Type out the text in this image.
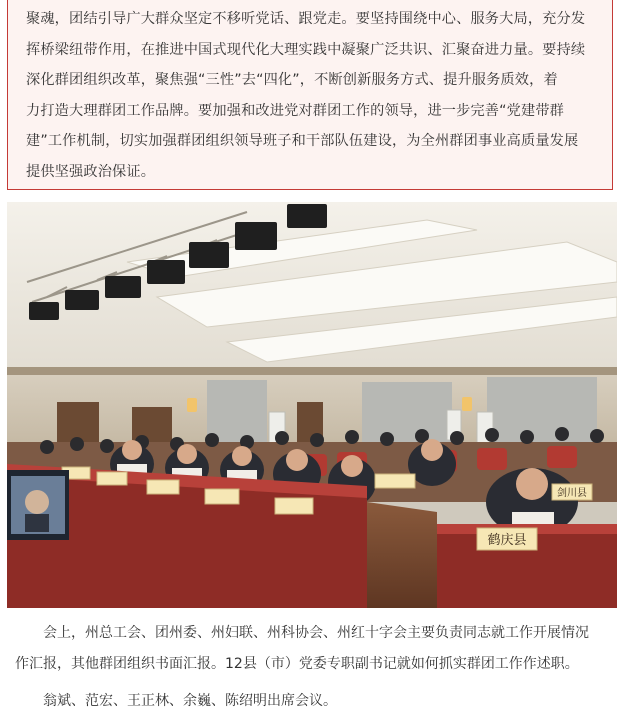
聚魂，团结引导广大群众坚定不移听党话、跟党走。要坚持围绕中心、服务大局，充分发
挥桥梁纽带作用，在推进中国式现代化大理实践中凝聚广泛共识、汇聚奋进力量。要持续
深化群团组织改革，聚焦强“三性”去“四化”，不断创新服务方式、提升服务质效，着
力打造大理群团工作品牌。要加强和改进党对群团工作的领导，进一步完善“党建带群
建”工作机制，切实加强群团组织领导班子和干部队伍建设，为全州群团事业高质量发展
提供坚强政治保证。
鹤庆县
剑川县

会上，州总工会、团州委、州妇联、州科协会、州红十字会主要负责同志就工作开展情况

作汇报，其他群团组织书面汇报。12县（市）党委专职副书记就如何抓实群团工作作述职。

翁斌、范宏、王正林、余巍、陈绍明出席会议。
